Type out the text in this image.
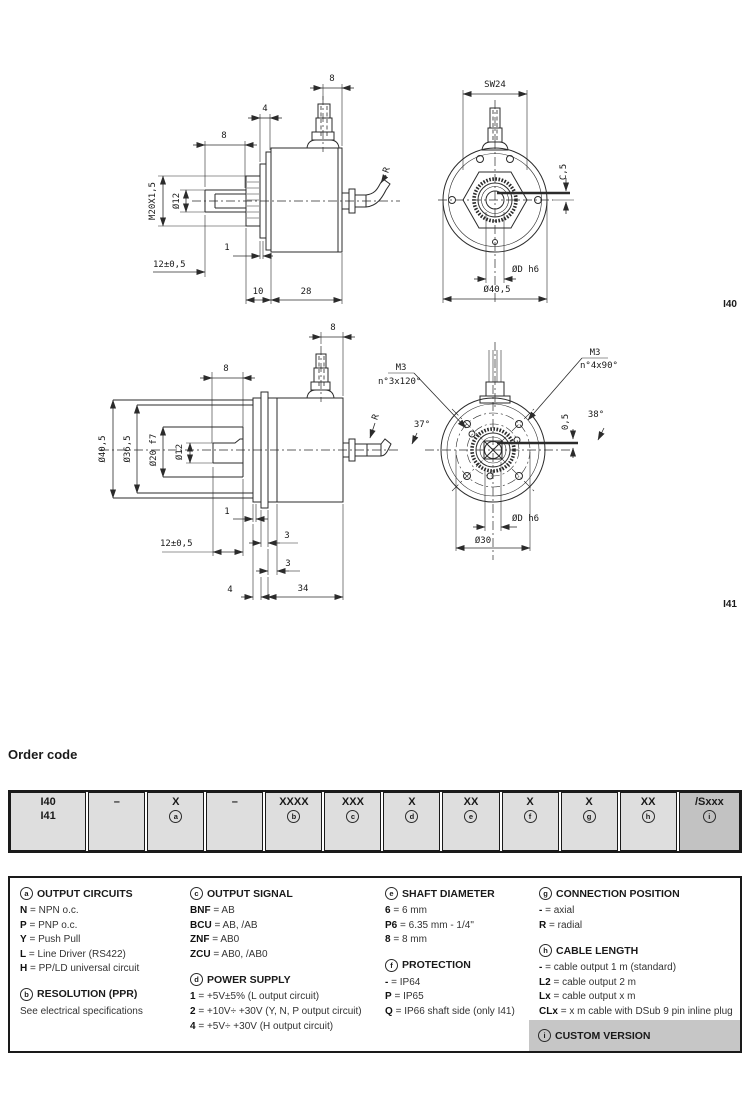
R
8
4
8
M20X1,5 Ø12
12±0,5
1
10	28
SW24
C,5
ØD h6
Ø40,5
R
37°
8
8
Ø40,5 Ø36,5 Ø20 f7 Ø12
1
12±0,5
3
3
4	34
M3
n°3x120°
M3
n°4x90°
38°
0,5
ØD h6
Ø30
I40
I41
Order code
I40
I41
–	X
a
–	XXXX
b
XXX
c
X
d
XX
e
X
f
X
g
XX
h
/Sxxx
i
a OUTPUT CIRCUITS
N = NPN o.c.
P = PNP o.c.
Y = Push Pull
L = Line Driver (RS422)
H = PP/LD universal circuit
b RESOLUTION (PPR)
See electrical specifications
c OUTPUT SIGNAL
BNF = AB
BCU = AB, /AB
ZNF = AB0
ZCU = AB0, /AB0
d POWER SUPPLY
1 = +5V±5% (L output circuit)
2 = +10V÷ +30V (Y, N, P output circuit)
4 = +5V÷ +30V (H output circuit)
e SHAFT DIAMETER
6 = 6 mm
P6 = 6.35 mm - 1/4"
8 = 8 mm
f PROTECTION
- = IP64
P = IP65
Q = IP66 shaft side (only I41)
g CONNECTION POSITION
- = axial
R = radial
h CABLE LENGTH
- = cable output 1 m (standard)
L2 = cable output 2 m
Lx = cable output x m
CLx = x m cable with DSub 9 pin inline plug
i CUSTOM VERSION
